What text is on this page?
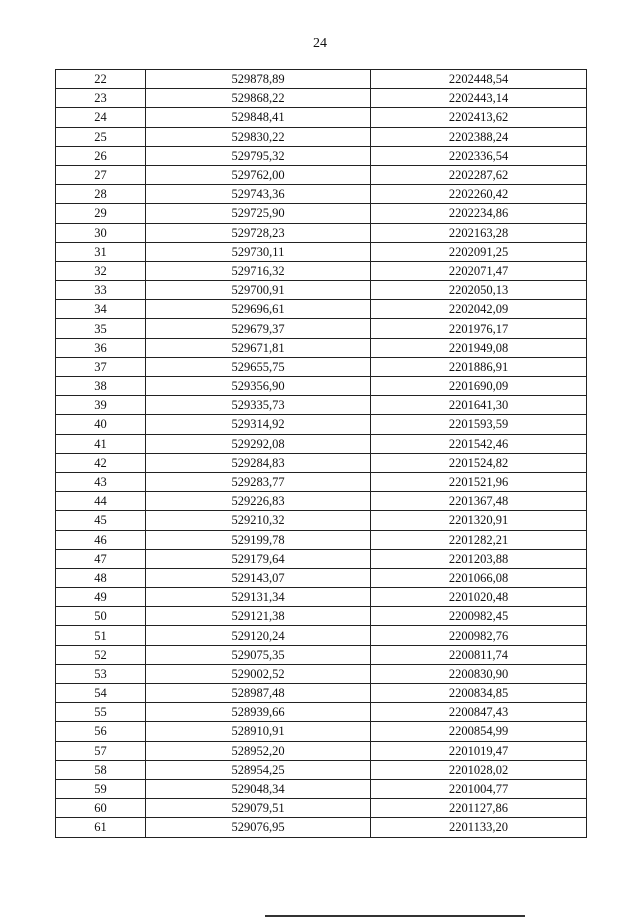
24
22	529878,89	2202448,54
23	529868,22	2202443,14
24	529848,41	2202413,62
25	529830,22	2202388,24
26	529795,32	2202336,54
27	529762,00	2202287,62
28	529743,36	2202260,42
29	529725,90	2202234,86
30	529728,23	2202163,28
31	529730,11	2202091,25
32	529716,32	2202071,47
33	529700,91	2202050,13
34	529696,61	2202042,09
35	529679,37	2201976,17
36	529671,81	2201949,08
37	529655,75	2201886,91
38	529356,90	2201690,09
39	529335,73	2201641,30
40	529314,92	2201593,59
41	529292,08	2201542,46
42	529284,83	2201524,82
43	529283,77	2201521,96
44	529226,83	2201367,48
45	529210,32	2201320,91
46	529199,78	2201282,21
47	529179,64	2201203,88
48	529143,07	2201066,08
49	529131,34	2201020,48
50	529121,38	2200982,45
51	529120,24	2200982,76
52	529075,35	2200811,74
53	529002,52	2200830,90
54	528987,48	2200834,85
55	528939,66	2200847,43
56	528910,91	2200854,99
57	528952,20	2201019,47
58	528954,25	2201028,02
59	529048,34	2201004,77
60	529079,51	2201127,86
61	529076,95	2201133,20
